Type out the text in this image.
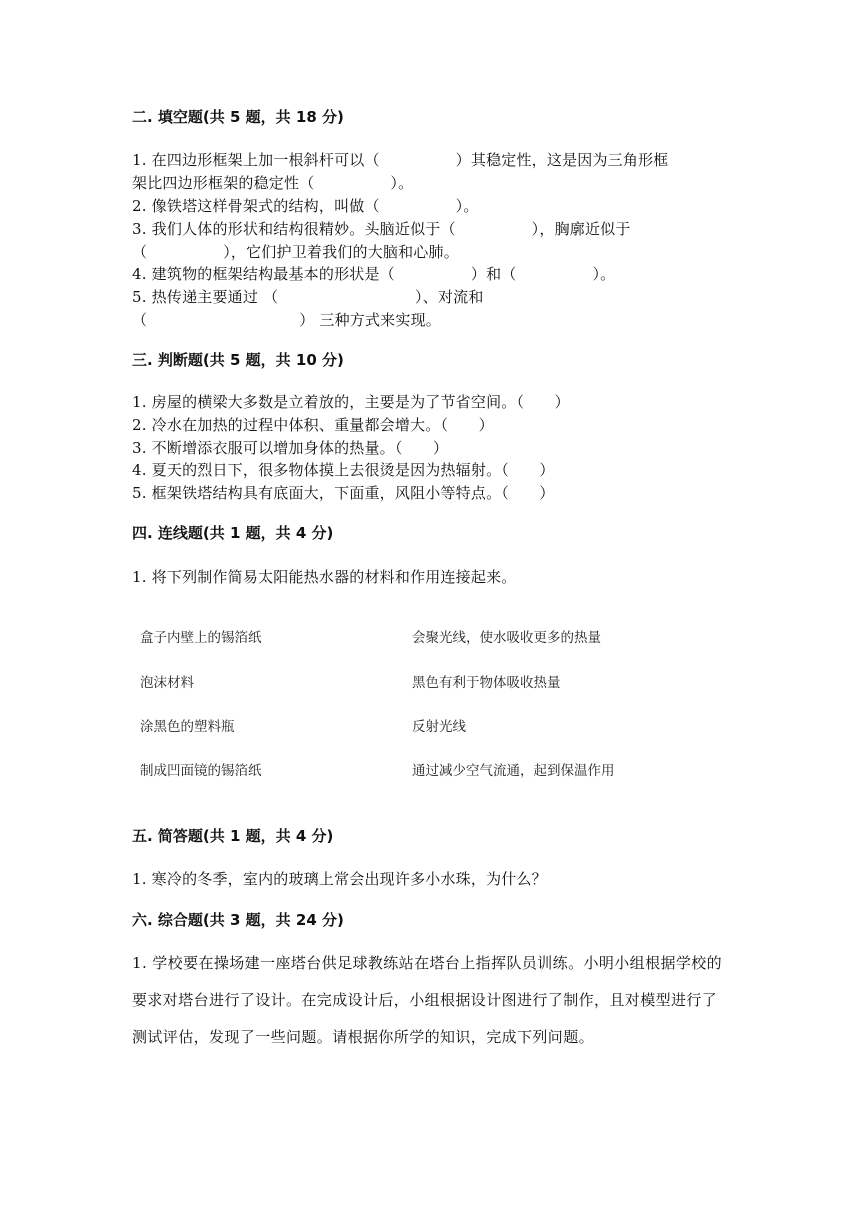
二. 填空题(共 5 题，共 18 分)
1. 在四边形框架上加一根斜杆可以（　　　　　）其稳定性，这是因为三角形框
架比四边形框架的稳定性（　　　　　）。
2. 像铁塔这样骨架式的结构，叫做（　　　　　）。
3. 我们人体的形状和结构很精妙。头脑近似于（　　　　　），胸廓近似于
（　　　　　），它们护卫着我们的大脑和心肺。
4. 建筑物的框架结构最基本的形状是（　　　　　）和（　　　　　）。
5. 热传递主要通过 （　　　　　　　　　）、对流和
（　　　　　　　　　　） 三种方式来实现。
三. 判断题(共 5 题，共 10 分)
1. 房屋的横梁大多数是立着放的，主要是为了节省空间。（　　）
2. 冷水在加热的过程中体积、重量都会增大。（　　）
3. 不断增添衣服可以增加身体的热量。（　　）
4. 夏天的烈日下，很多物体摸上去很烫是因为热辐射。（　　）
5. 框架铁塔结构具有底面大，下面重，风阻小等特点。（　　）
四. 连线题(共 1 题，共 4 分)
1. 将下列制作简易太阳能热水器的材料和作用连接起来。
盒子内壁上的锡箔纸
泡沫材料
涂黑色的塑料瓶
制成凹面镜的锡箔纸
会聚光线，使水吸收更多的热量
黑色有利于物体吸收热量
反射光线
通过减少空气流通，起到保温作用
五. 简答题(共 1 题，共 4 分)
1. 寒冷的冬季，室内的玻璃上常会出现许多小水珠，为什么？
六. 综合题(共 3 题，共 24 分)
1. 学校要在操场建一座塔台供足球教练站在塔台上指挥队员训练。小明小组根据学校的要求对塔台进行了设计。在完成设计后，小组根据设计图进行了制作，且对模型进行了测试评估，发现了一些问题。请根据你所学的知识，完成下列问题。
